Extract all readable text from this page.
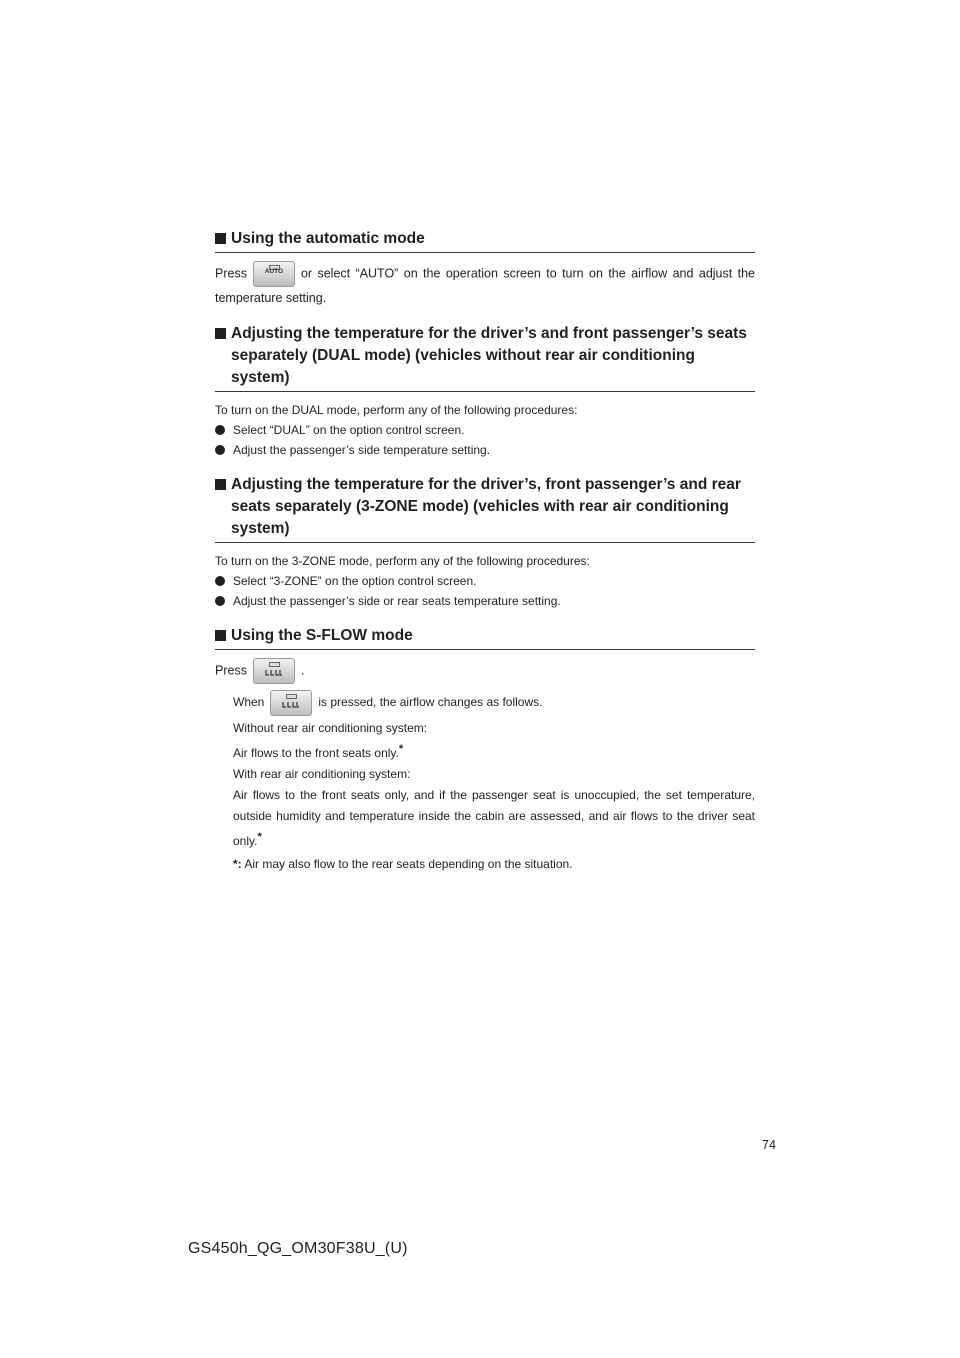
Using the automatic mode
Press	AUTO	or select “AUTO” on the operation screen to turn on the airflow and adjust the temperature setting.
Adjusting the temperature for the driver’s and front passenger’s seats separately (DUAL mode) (vehicles without rear air conditioning system)
To turn on the DUAL mode, perform any of the following procedures:
Select “DUAL” on the option control screen.
Adjust the passenger’s side temperature setting.
Adjusting the temperature for the driver’s, front passenger’s and rear seats separately (3-ZONE mode) (vehicles with rear air conditioning system)
To turn on the 3-ZONE mode, perform any of the following procedures:
Select “3-ZONE” on the option control screen.
Adjust the passenger’s side or rear seats temperature setting.
Using the S-FLOW mode
Press	.
When	is pressed, the airflow changes as follows.
Without rear air conditioning system:
Air flows to the front seats only.*
With rear air conditioning system:
Air flows to the front seats only, and if the passenger seat is unoccupied, the set temperature, outside humidity and temperature inside the cabin are assessed, and air flows to the driver seat only.*
*: Air may also flow to the rear seats depending on the situation.
74
GS450h_QG_OM30F38U_(U)
